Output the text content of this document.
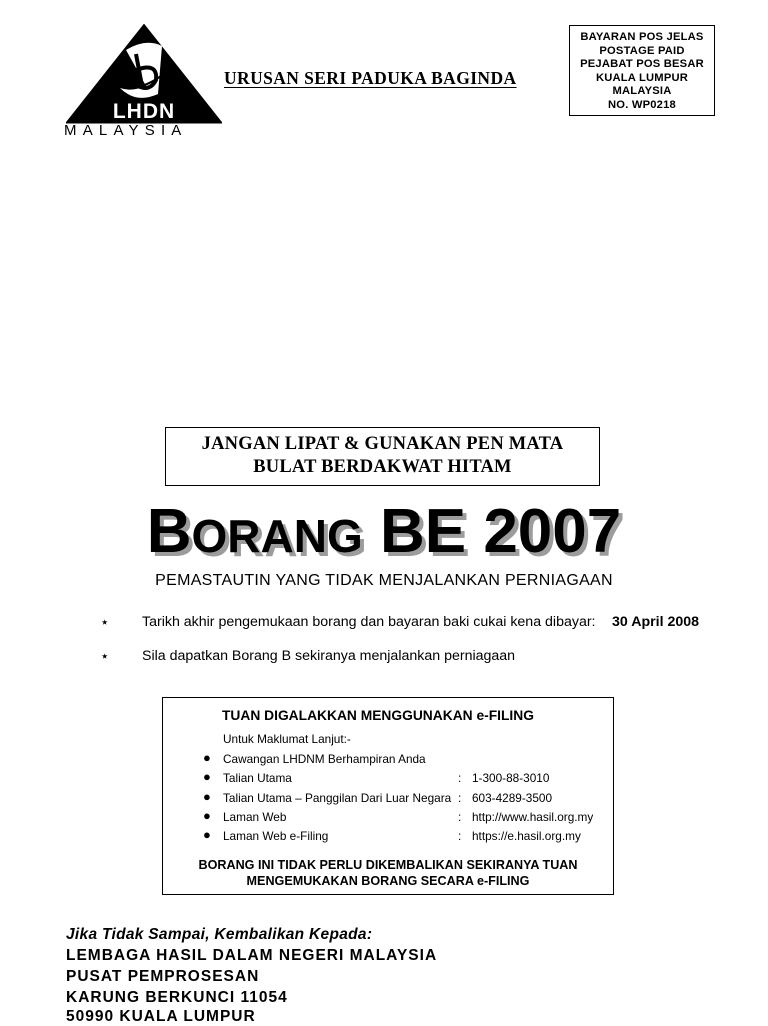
LHDN
MALAYSIA
URUSAN SERI PADUKA BAGINDA
BAYARAN POS JELAS
POSTAGE PAID
PEJABAT POS BESAR
KUALA LUMPUR
MALAYSIA
NO. WP0218
JANGAN LIPAT & GUNAKAN PEN MATA
BULAT BERDAKWAT HITAM
BORANG BE 2007
PEMASTAUTIN YANG TIDAK MENJALANKAN PERNIAGAAN
⋆ Tarikh akhir pengemukaan borang dan bayaran baki cukai kena dibayar: 30 April 2008
⋆ Sila dapatkan Borang B sekiranya menjalankan perniagaan
TUAN DIGALAKKAN MENGGUNAKAN e-FILING
Untuk Maklumat Lanjut:-
● Cawangan LHDNM Berhampiran Anda
● Talian Utama	: 1-300-88-3010
● Talian Utama – Panggilan Dari Luar Negara : 603-4289-3500
● Laman Web	: http://www.hasil.org.my
● Laman Web e-Filing	: https://e.hasil.org.my
BORANG INI TIDAK PERLU DIKEMBALIKAN SEKIRANYA TUAN
MENGEMUKAKAN BORANG SECARA e-FILING
Jika Tidak Sampai, Kembalikan Kepada:
LEMBAGA HASIL DALAM NEGERI MALAYSIA
PUSAT PEMPROSESAN
KARUNG BERKUNCI 11054
50990 KUALA LUMPUR
